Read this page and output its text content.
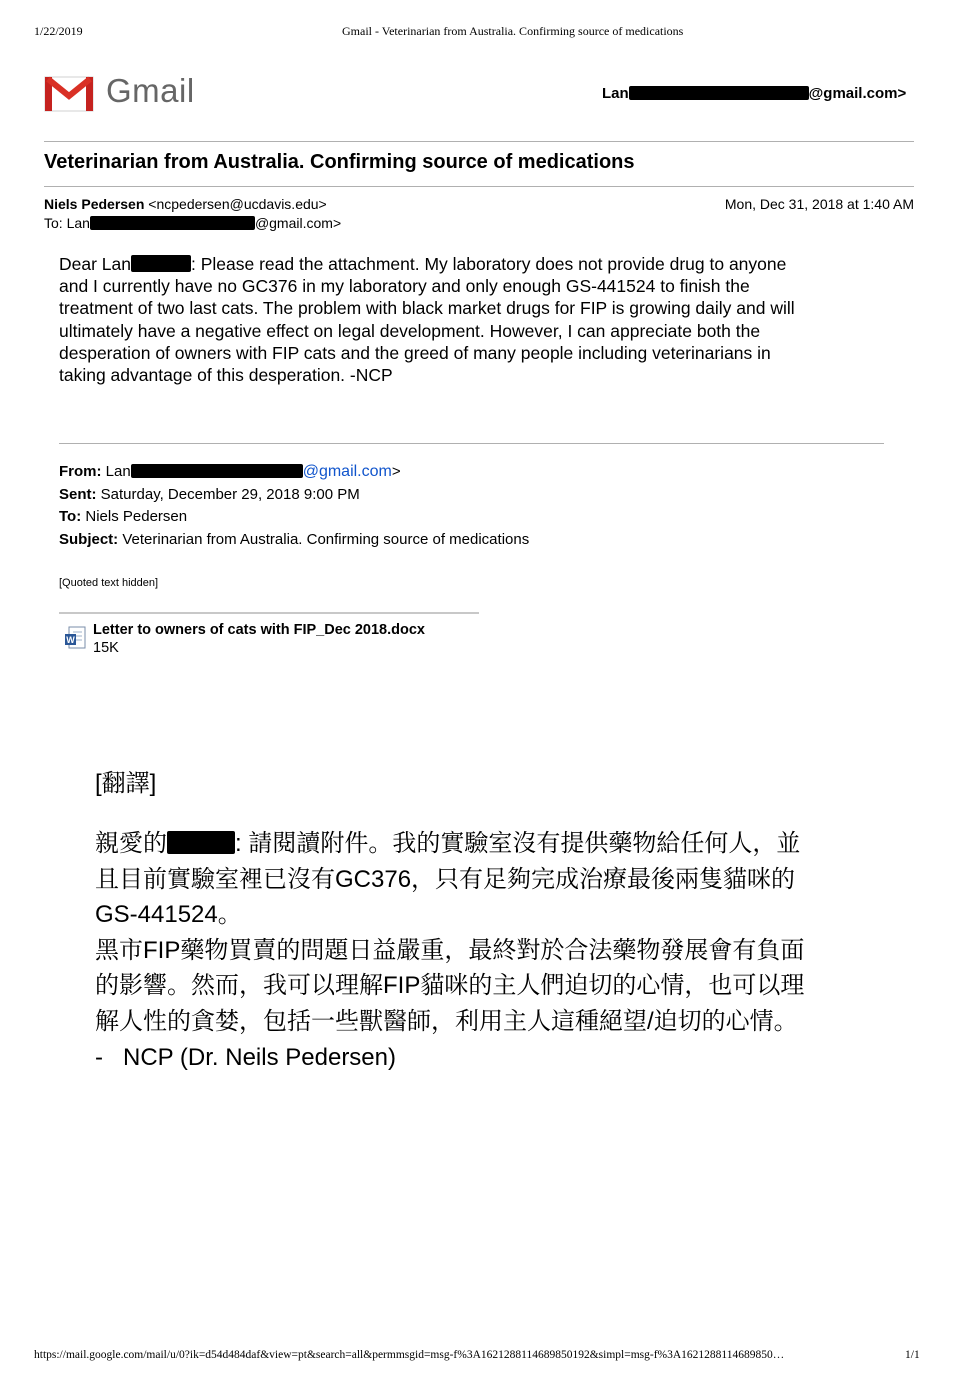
1/22/2019	Gmail - Veterinarian from Australia. Confirming source of medications
Gmail	Lan	@gmail.com>
Veterinarian from Australia. Confirming source of medications
Niels Pedersen <ncpedersen@ucdavis.edu>	Mon, Dec 31, 2018 at 1:40 AM
To: Lan	@gmail.com>
Dear Lan	: Please read the attachment. My laboratory does not provide drug to anyone
and I currently have no GC376 in my laboratory and only enough GS-441524 to finish the
treatment of two last cats. The problem with black market drugs for FIP is growing daily and will
ultimately have a negative effect on legal development. However, I can appreciate both the
desperation of owners with FIP cats and the greed of many people including veterinarians in
taking advantage of this desperation. -NCP
From: Lan	@gmail.com>
Sent: Saturday, December 29, 2018 9:00 PM
To: Niels Pedersen
Subject: Veterinarian from Australia. Confirming source of medications
[Quoted text hidden]
W
Letter to owners of cats with FIP_Dec 2018.docx
15K
[翻譯]
親愛的	: 請閱讀附件。我的實驗室沒有提供藥物給任何人，並
且目前實驗室裡已沒有GC376，只有足夠完成治療最後兩隻貓咪的
GS-441524。
黑市FIP藥物買賣的問題日益嚴重，最終對於合法藥物發展會有負面
的影響。然而，我可以理解FIP貓咪的主人們迫切的心情，也可以理
解人性的貪婪，包括一些獸醫師，利用主人這種絕望/迫切的心情。
- NCP (Dr. Neils Pedersen)
https://mail.google.com/mail/u/0?ik=d54d484daf&view=pt&search=all&permmsgid=msg-f%3A1621288114689850192&simpl=msg-f%3A1621288114689850…	1/1
